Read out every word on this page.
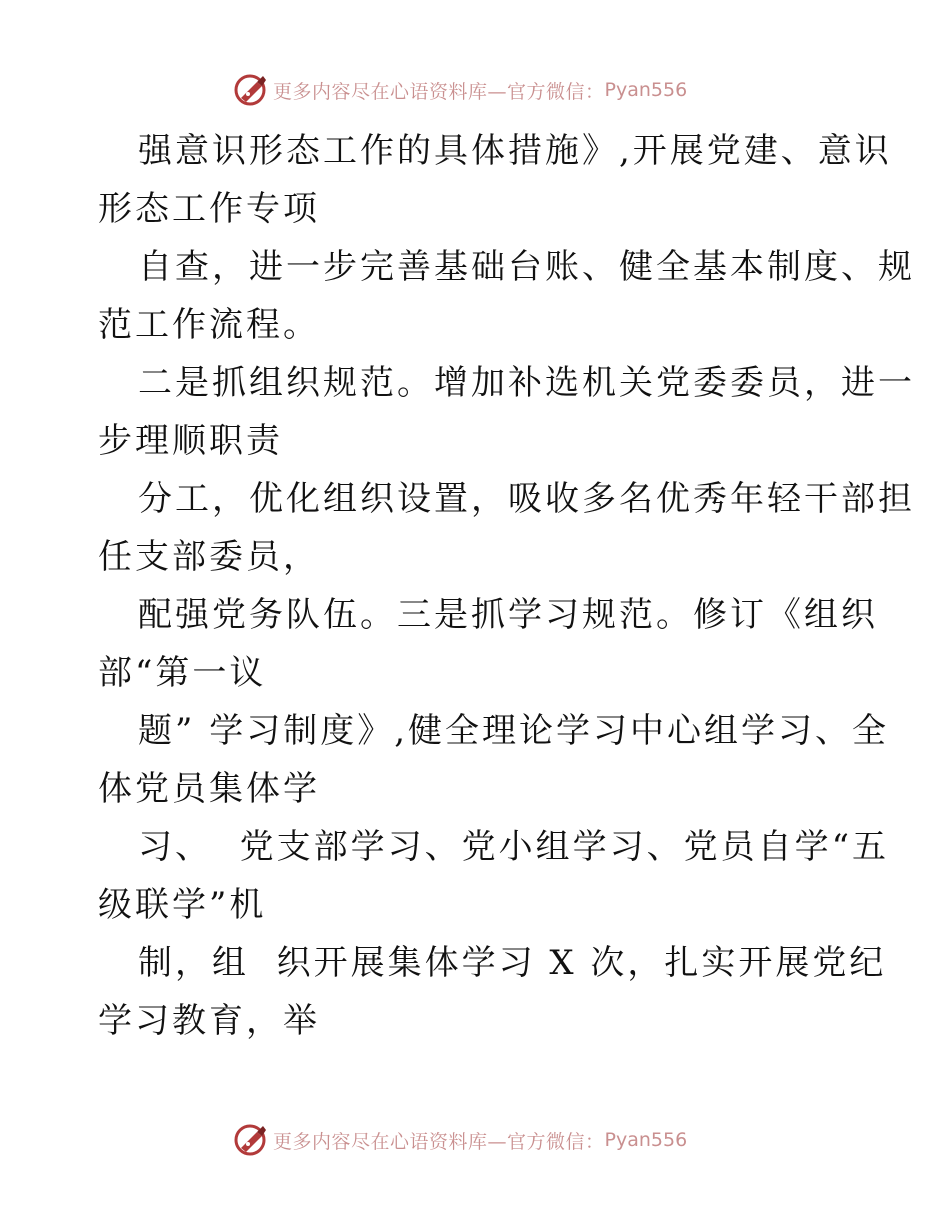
更多内容尽在心语资料库—官方微信： Pyan556
强意识形态工作的具体措施》,开展党建、意识
形态工作专项
自查，进一步完善基础台账、健全基本制度、规
范工作流程。
二是抓组织规范。增加补选机关党委委员，进一
步理顺职责
分工，优化组织设置，吸收多名优秀年轻干部担
任支部委员，
配强党务队伍。三是抓学习规范。修订《组织
部“第一议
题” 学习制度》,健全理论学习中心组学习、全
体党员集体学
习、  党支部学习、党小组学习、党员自学“五
级联学”机
制，组  织开展集体学习 X 次，扎实开展党纪
学习教育，举
更多内容尽在心语资料库—官方微信： Pyan556
